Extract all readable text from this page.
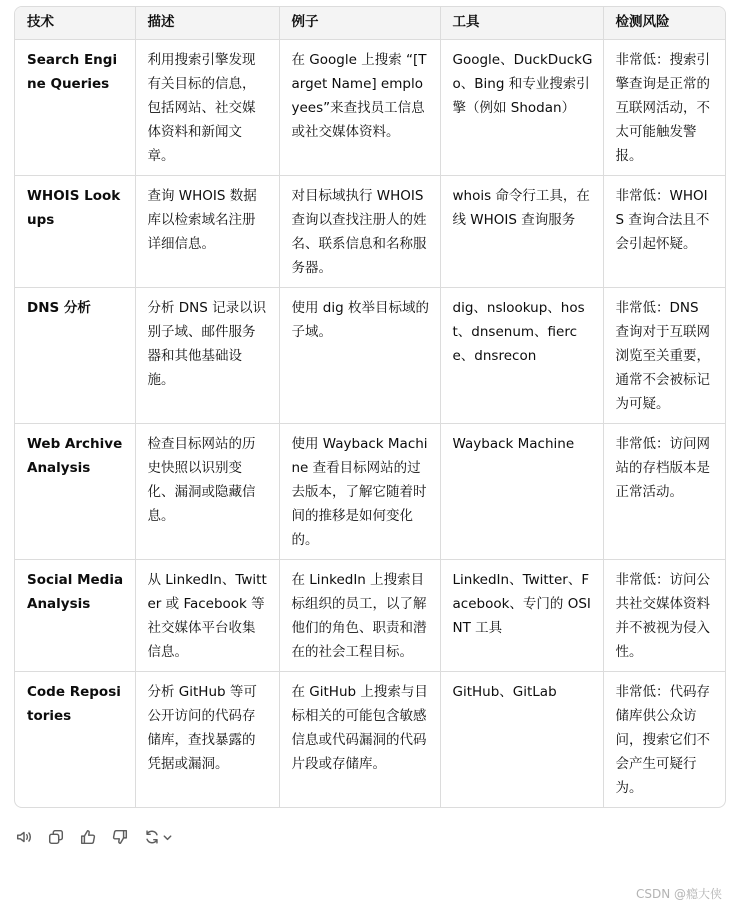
技术	描述	例子	工具	检测风险
Search Engine Queries	利用搜索引擎发现有关目标的信息，包括网站、社交媒体资料和新闻文章。	在 Google 上搜索 “[Target Name] employees”来查找员工信息或社交媒体资料。	Google、DuckDuckGo、Bing 和专业搜索引擎（例如 Shodan）	非常低：搜索引擎查询是正常的互联网活动，不太可能触发警报。
WHOIS Lookups	查询 WHOIS 数据库以检索域名注册详细信息。	对目标域执行 WHOIS 查询以查找注册人的姓名、联系信息和名称服务器。	whois 命令行工具，在线 WHOIS 查询服务	非常低：WHOIS 查询合法且不会引起怀疑。
DNS 分析	分析 DNS 记录以识别子域、邮件服务器和其他基础设施。	使用 dig 枚举目标域的子域。	dig、nslookup、host、dnsenum、fierce、dnsrecon	非常低：DNS 查询对于互联网浏览至关重要，通常不会被标记为可疑。
Web Archive Analysis	检查目标网站的历史快照以识别变化、漏洞或隐藏信息。	使用 Wayback Machine 查看目标网站的过去版本，了解它随着时间的推移是如何变化的。	Wayback Machine	非常低：访问网站的存档版本是正常活动。
Social Media Analysis	从 LinkedIn、Twitter 或 Facebook 等社交媒体平台收集信息。	在 LinkedIn 上搜索目标组织的员工，以了解他们的角色、职责和潜在的社会工程目标。	LinkedIn、Twitter、Facebook、专门的 OSINT 工具	非常低：访问公共社交媒体资料并不被视为侵入性。
Code Repositories	分析 GitHub 等可公开访问的代码存储库，查找暴露的凭据或漏洞。	在 GitHub 上搜索与目标相关的可能包含敏感信息或代码漏洞的代码片段或存储库。	GitHub、GitLab	非常低：代码存储库供公众访问，搜索它们不会产生可疑行为。
CSDN @瘾大侠
